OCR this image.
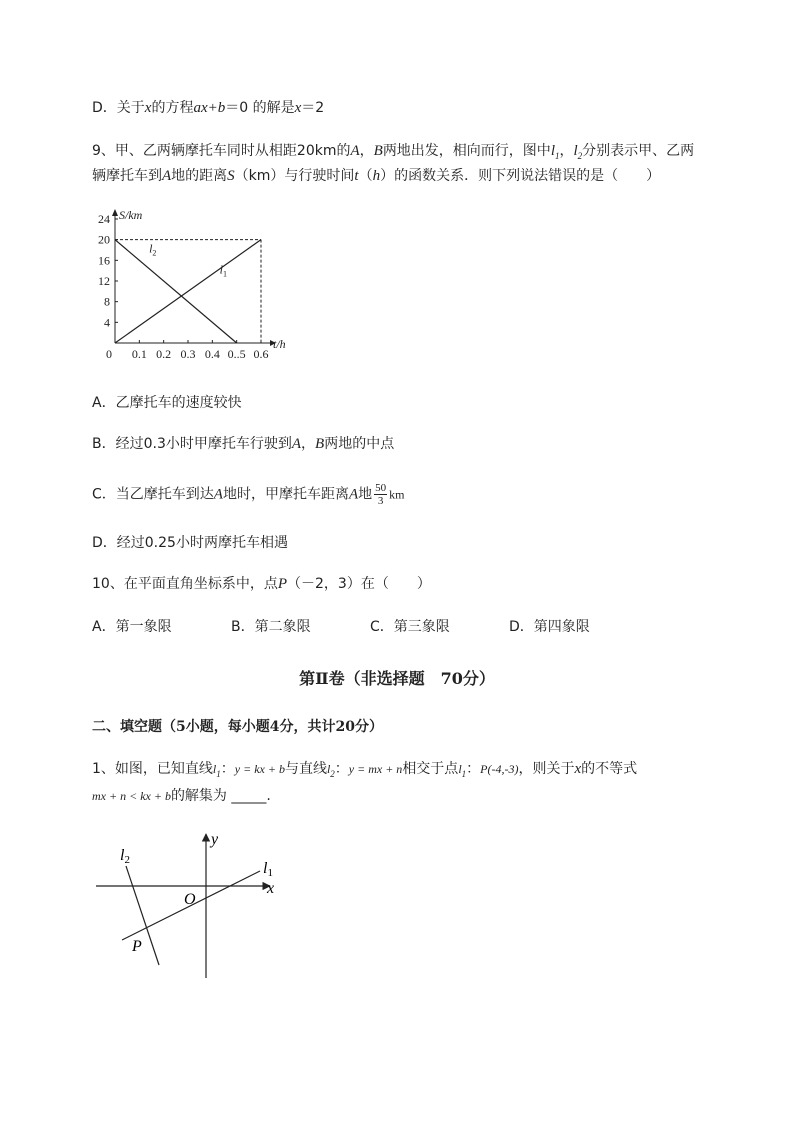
D．关于x的方程ax+b＝0 的解是x＝2
9、甲、乙两辆摩托车同时从相距20km的A，B两地出发，相向而行，图中$l_1$，$l_2$分别表示甲、乙两
辆摩托车到A地的距离S（km）与行驶时间t（h）的函数关系．则下列说法错误的是（　　）
0 0.1 0.2 0.3 0.4 0..5 0.6
4
8
12
16
20
24 S/km
t/h
$l_2$
$l_1$
A．乙摩托车的速度较快
B．经过0.3小时甲摩托车行驶到A，B两地的中点
C．当乙摩托车到达A地时，甲摩托车距离A地 $\frac{50}{3}$ km
D．经过0.25小时两摩托车相遇
10、在平面直角坐标系中，点P（－2，3）在（　　）
A．第一象限	B．第二象限	C．第三象限	D．第四象限
第Ⅱ卷（非选择题　70分）
二、填空题（5小题，每小题4分，共计20分）
1、如图，已知直线$l_1$：y = kx + b与直线$l_2$：y = mx + n相交于点$l_1$：P(-4,-3)，则关于x的不等式
mx + n < kx + b的解集为 _____.
x
y
O
l1
l2
P
